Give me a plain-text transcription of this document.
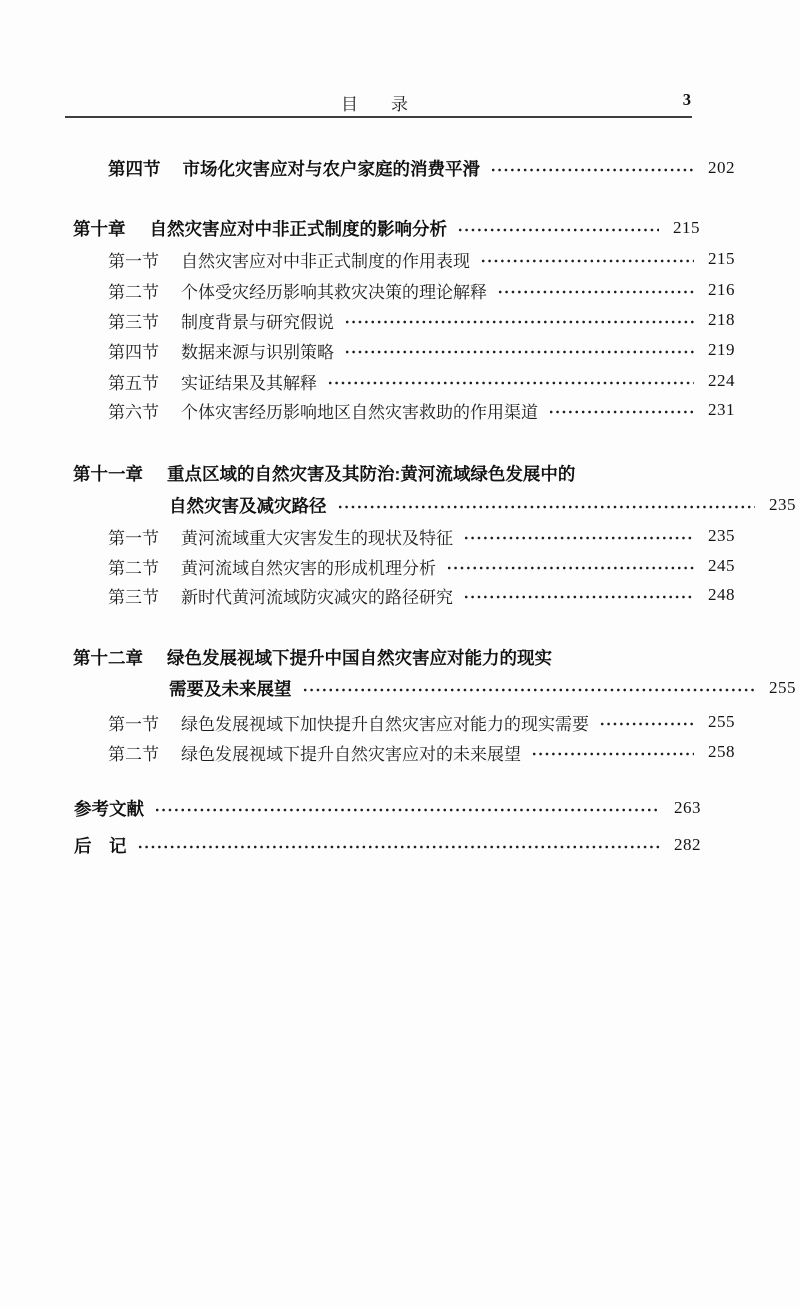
目　录	3
第四节 市场化灾害应对与农户家庭的消费平滑	202
第十章 自然灾害应对中非正式制度的影响分析	215
第一节 自然灾害应对中非正式制度的作用表现	215
第二节 个体受灾经历影响其救灾决策的理论解释	216
第三节 制度背景与研究假说	218
第四节 数据来源与识别策略	219
第五节 实证结果及其解释	224
第六节 个体灾害经历影响地区自然灾害救助的作用渠道	231
第十一章 重点区域的自然灾害及其防治:黄河流域绿色发展中的
自然灾害及减灾路径	235
第一节 黄河流域重大灾害发生的现状及特征	235
第二节 黄河流域自然灾害的形成机理分析	245
第三节 新时代黄河流域防灾减灾的路径研究	248
第十二章 绿色发展视域下提升中国自然灾害应对能力的现实
需要及未来展望	255
第一节 绿色发展视域下加快提升自然灾害应对能力的现实需要	255
第二节 绿色发展视域下提升自然灾害应对的未来展望	258
参考文献	263
后　记	282
